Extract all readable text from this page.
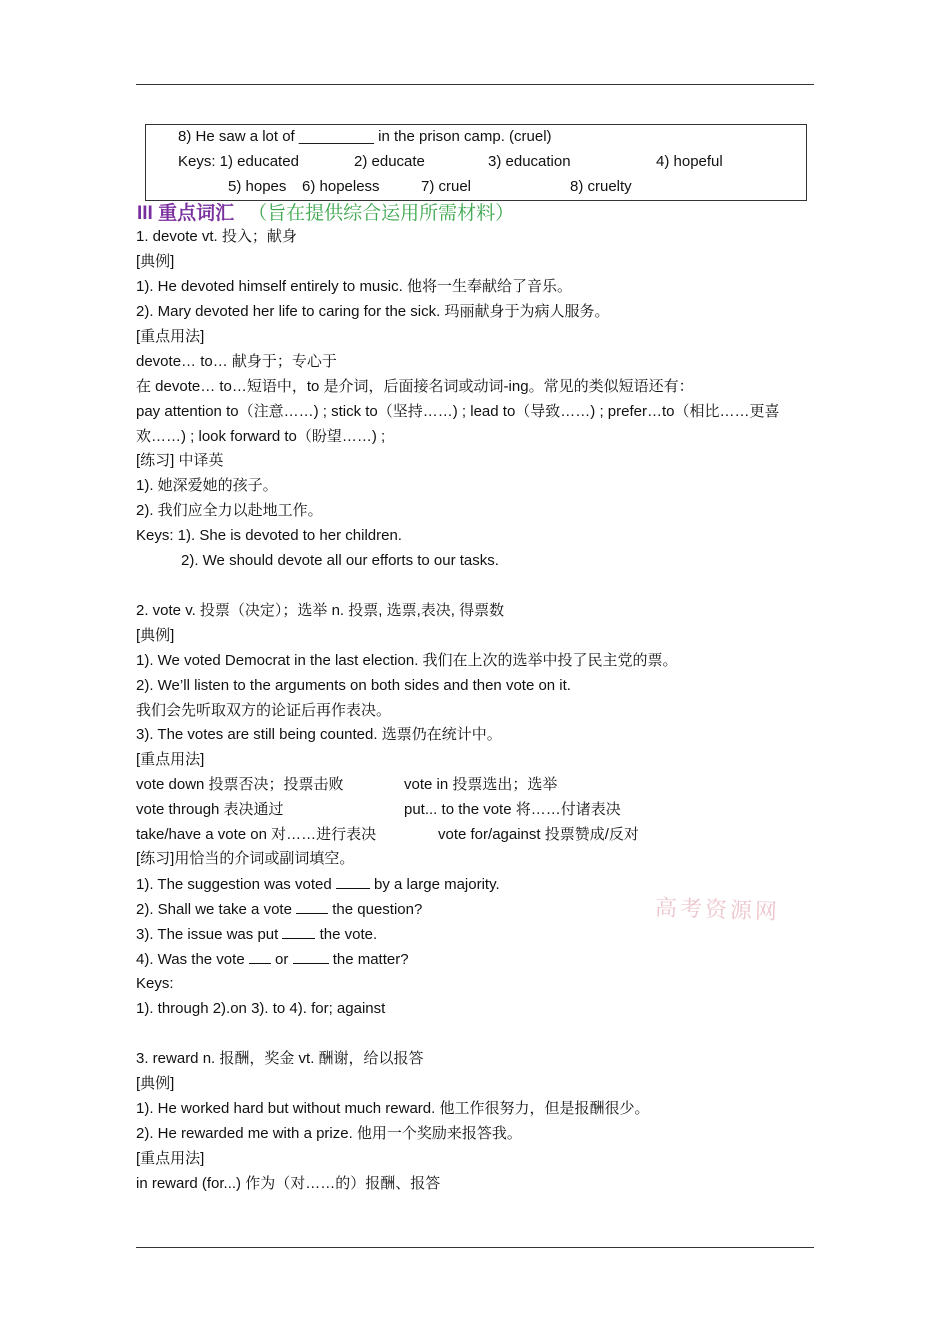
8) He saw a lot of _________ in the prison camp. (cruel)
Keys: 1) educated	2) educate	3) education	4) hopeful
5) hopes 6) hopeless	7) cruel	8) cruelty
III 重点词汇 （旨在提供综合运用所需材料）
1. devote vt. 投入；献身
[典例]
1). He devoted himself entirely to music. 他将一生奉献给了音乐。
2). Mary devoted her life to caring for the sick. 玛丽献身于为病人服务。
[重点用法]
devote… to… 献身于；专心于
在 devote… to…短语中，to 是介词，后面接名词或动词-ing。常见的类似短语还有：
pay attention to（注意……) ; stick to（坚持……) ; lead to（导致……) ; prefer…to（相比……更喜
欢……) ; look forward to（盼望……) ;
[练习] 中译英
1). 她深爱她的孩子。
2). 我们应全力以赴地工作。
Keys: 1). She is devoted to her children.
2). We should devote all our efforts to our tasks.
2. vote v. 投票（决定）；选举 n. 投票, 选票,表决, 得票数
[典例]
1). We voted Democrat in the last election. 我们在上次的选举中投了民主党的票。
2). We’ll listen to the arguments on both sides and then vote on it.
我们会先听取双方的论证后再作表决。
3). The votes are still being counted. 选票仍在统计中。
[重点用法]
vote down 投票否决；投票击败	vote in 投票选出；选举
vote through 表决通过	put... to the vote 将……付诸表决
take/have a vote on 对……进行表决	vote for/against 投票赞成/反对
[练习]用恰当的介词或副词填空。
1). The suggestion was voted	by a large majority.
2). Shall we take a vote	the question?
3). The issue was put	the vote.
4). Was the vote or	the matter?
Keys:
1). through 2).on 3). to 4). for; against
3. reward n. 报酬，奖金 vt. 酬谢，给以报答
[典例]
1). He worked hard but without much reward. 他工作很努力，但是报酬很少。
2). He rewarded me with a prize. 他用一个奖励来报答我。
[重点用法]
in reward (for...) 作为（对……的）报酬、报答
高考资源网
